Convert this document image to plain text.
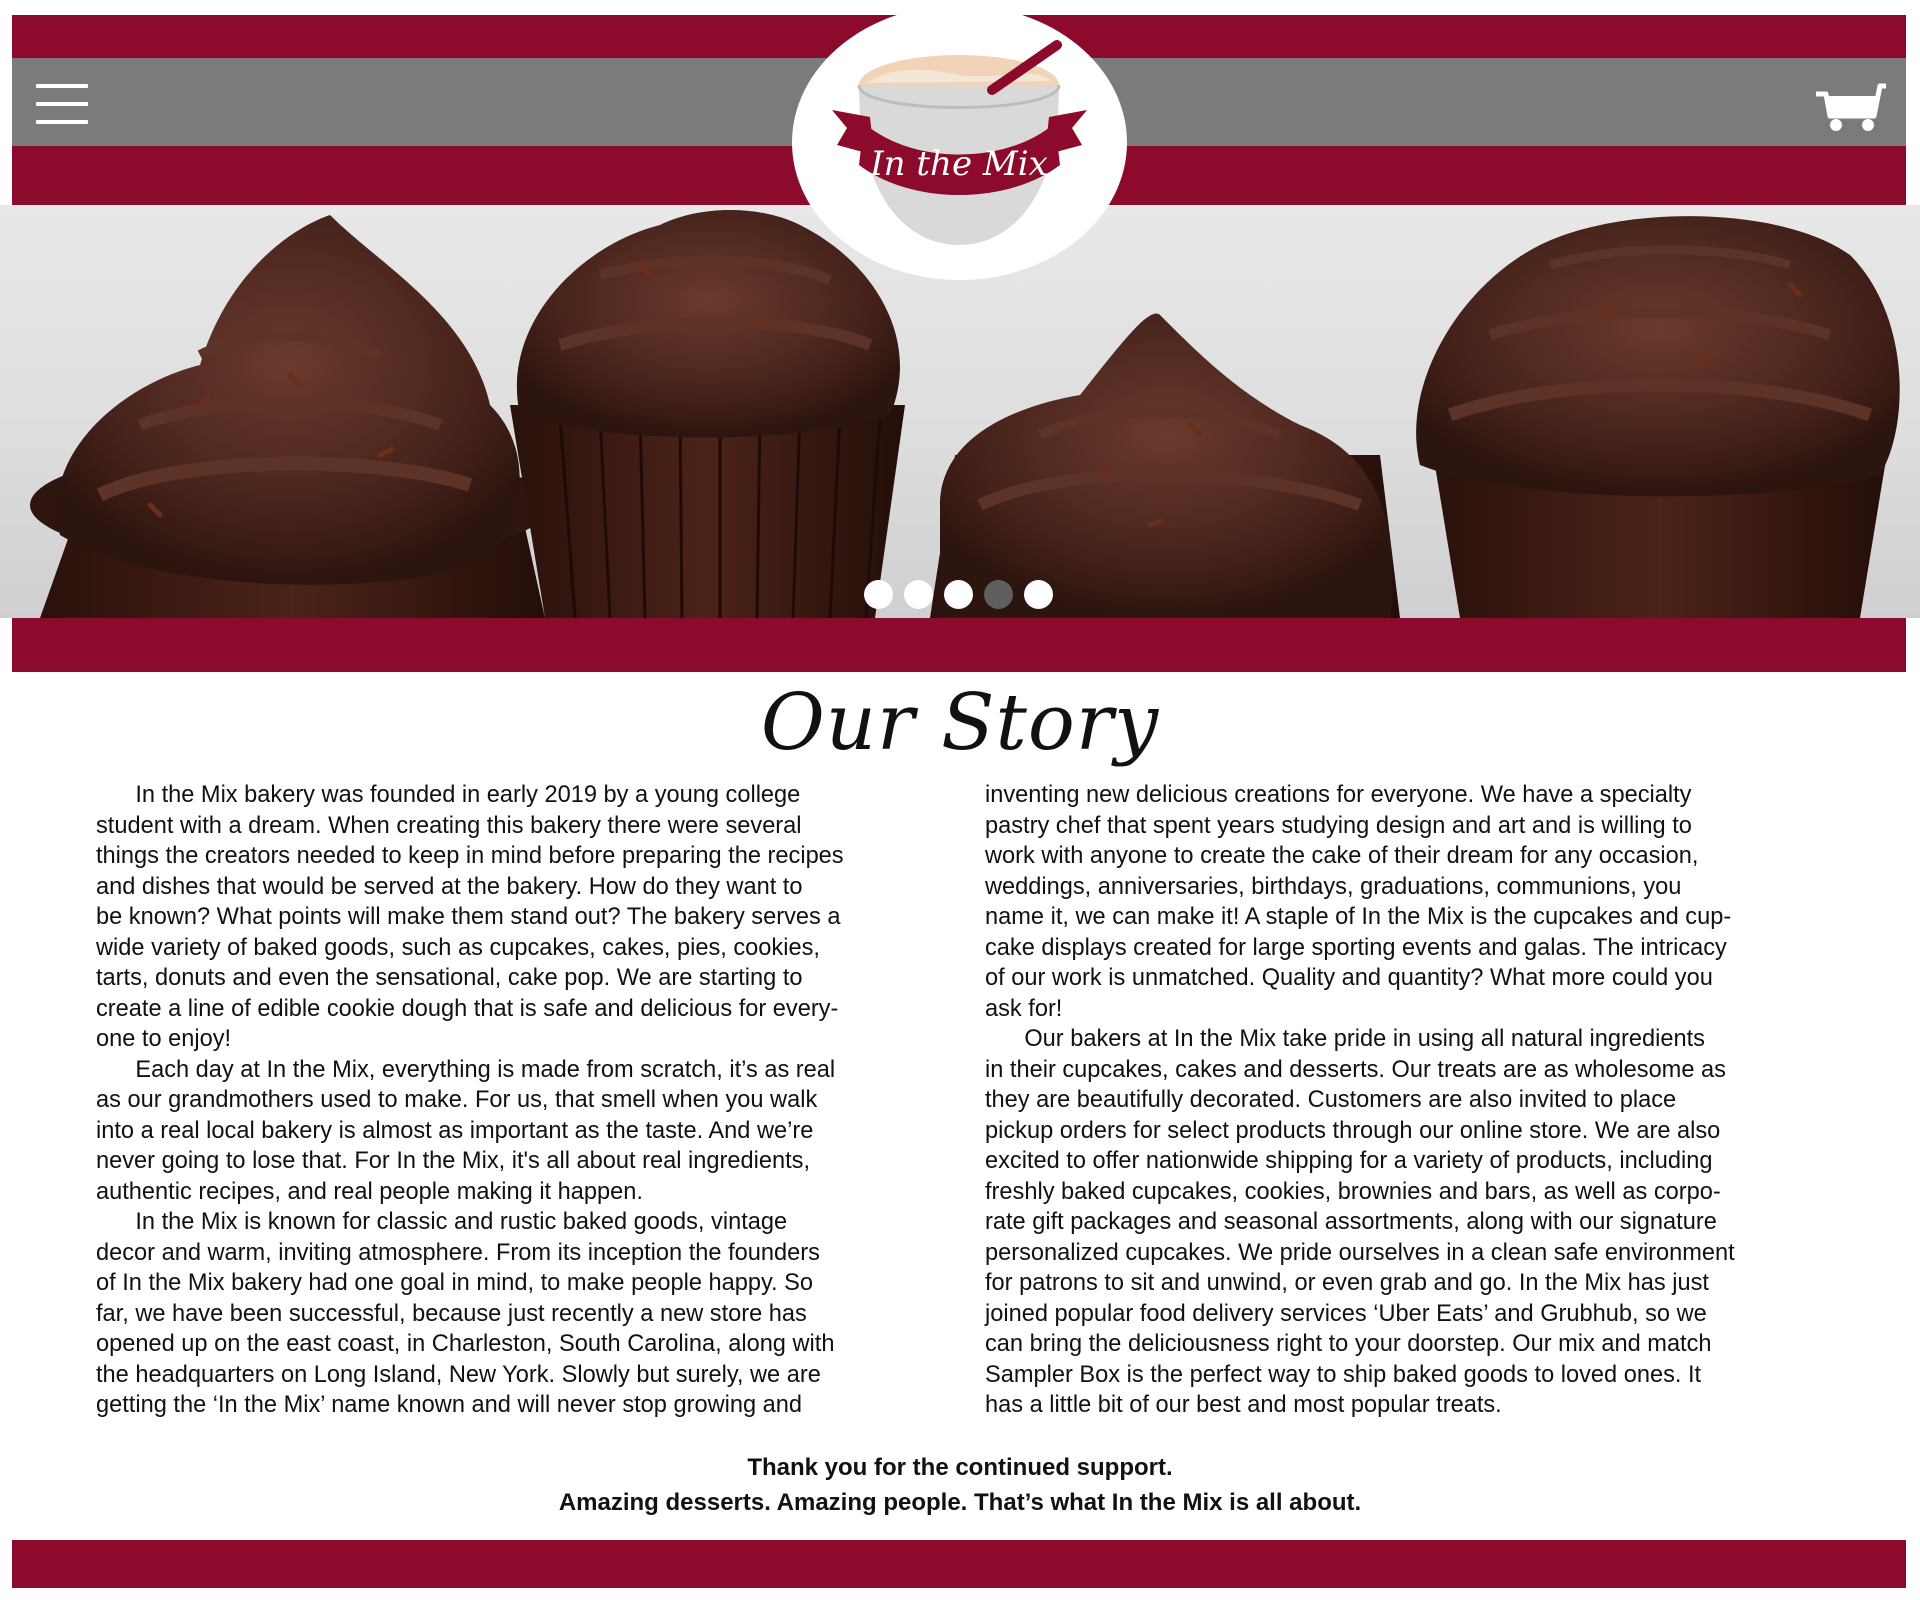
In the Mix
Our Story
In the Mix bakery was founded in early 2019 by a young college
student with a dream. When creating this bakery there were several
things the creators needed to keep in mind before preparing the recipes
and dishes that would be served at the bakery. How do they want to
be known? What points will make them stand out? The bakery serves a
wide variety of baked goods, such as cupcakes, cakes, pies, cookies,
tarts, donuts and even the sensational, cake pop. We are starting to
create a line of edible cookie dough that is safe and delicious for every-
one to enjoy!
Each day at In the Mix, everything is made from scratch, it’s as real
as our grandmothers used to make. For us, that smell when you walk
into a real local bakery is almost as important as the taste. And we’re
never going to lose that. For In the Mix, it's all about real ingredients,
authentic recipes, and real people making it happen.
In the Mix is known for classic and rustic baked goods, vintage
decor and warm, inviting atmosphere. From its inception the founders
of In the Mix bakery had one goal in mind, to make people happy. So
far, we have been successful, because just recently a new store has
opened up on the east coast, in Charleston, South Carolina, along with
the headquarters on Long Island, New York. Slowly but surely, we are
getting the ‘In the Mix’ name known and will never stop growing and
inventing new delicious creations for everyone. We have a specialty
pastry chef that spent years studying design and art and is willing to
work with anyone to create the cake of their dream for any occasion,
weddings, anniversaries, birthdays, graduations, communions, you
name it, we can make it! A staple of In the Mix is the cupcakes and cup-
cake displays created for large sporting events and galas. The intricacy
of our work is unmatched. Quality and quantity? What more could you
ask for!
Our bakers at In the Mix take pride in using all natural ingredients
in their cupcakes, cakes and desserts. Our treats are as wholesome as
they are beautifully decorated. Customers are also invited to place
pickup orders for select products through our online store. We are also
excited to offer nationwide shipping for a variety of products, including
freshly baked cupcakes, cookies, brownies and bars, as well as corpo-
rate gift packages and seasonal assortments, along with our signature
personalized cupcakes. We pride ourselves in a clean safe environment
for patrons to sit and unwind, or even grab and go. In the Mix has just
joined popular food delivery services ‘Uber Eats’ and Grubhub, so we
can bring the deliciousness right to your doorstep. Our mix and match
Sampler Box is the perfect way to ship baked goods to loved ones. It
has a little bit of our best and most popular treats.
Thank you for the continued support.
Amazing desserts. Amazing people. That’s what In the Mix is all about.
